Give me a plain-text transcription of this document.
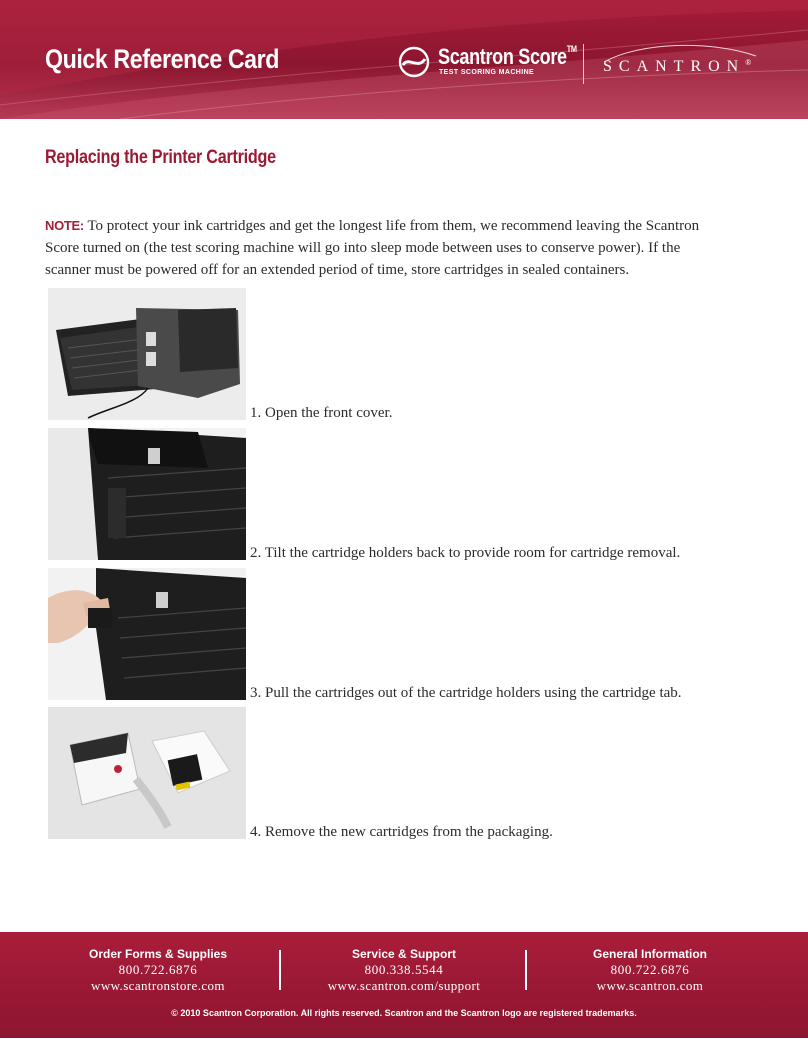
Quick Reference Card	Scantron Score™
TEST SCORING MACHINE	SCANTRON®
Replacing the Printer Cartridge
NOTE: To protect your ink cartridges and get the longest life from them, we recommend leaving the Scantron Score turned on (the test scoring machine will go into sleep mode between uses to conserve power). If the scanner must be powered off for an extended period of time, store cartridges in sealed containers.
1. Open the front cover.
2. Tilt the cartridge holders back to provide room for cartridge removal.
3. Pull the cartridges out of the cartridge holders using the cartridge tab.
4. Remove the new cartridges from the packaging.
Order Forms & Supplies
800.722.6876
www.scantronstore.com
Service & Support
800.338.5544
www.scantron.com/support
General Information
800.722.6876
www.scantron.com
© 2010 Scantron Corporation. All rights reserved. Scantron and the Scantron logo are registered trademarks.
